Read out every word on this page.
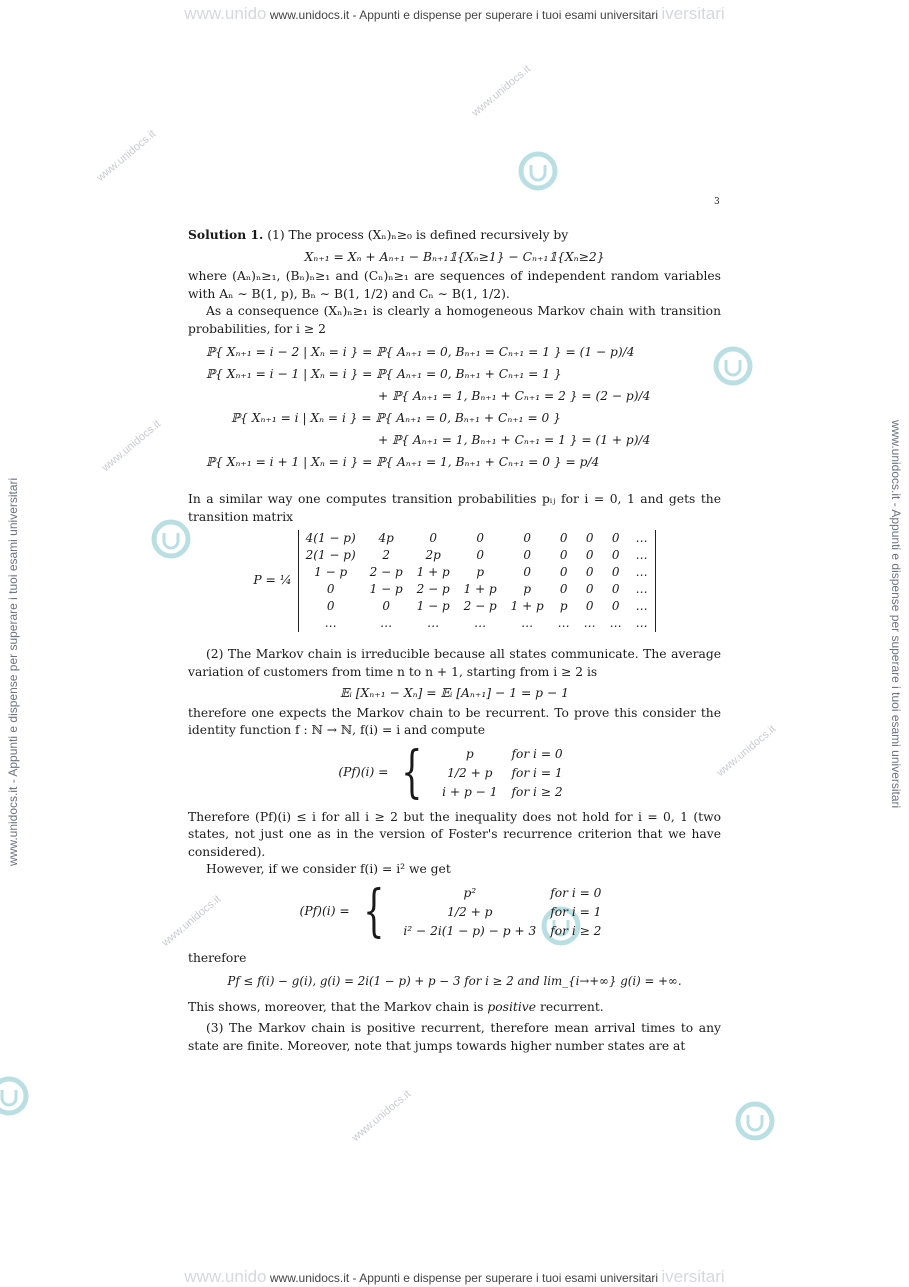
www.unido www.unidocs.it - Appunti e dispense per superare i tuoi esami universitari iversitari
www.unido www.unidocs.it - Appunti e dispense per superare i tuoi esami universitari iversitari
www.unidocs.it - Appunti e dispense per superare i tuoi esami universitari	www.unidocs.it - Appunti e dispense per superare i tuoi esami universitari
www.unidocs.it
www.unidocs.it
www.unidocs.it
www.unidocs.it
www.unidocs.it
www.unidocs.it
3

Solution 1. (1) The process (Xₙ)ₙ≥₀ is defined recursively by

Xₙ₊₁ = Xₙ + Aₙ₊₁ − Bₙ₊₁𝟙{Xₙ≥1} − Cₙ₊₁𝟙{Xₙ≥2}

where (Aₙ)ₙ≥₁, (Bₙ)ₙ≥₁ and (Cₙ)ₙ≥₁ are sequences of independent random variables with Aₙ ∼ B(1, p), Bₙ ∼ B(1, 1/2) and Cₙ ∼ B(1, 1/2).

As a consequence (Xₙ)ₙ≥₁ is clearly a homogeneous Markov chain with transition probabilities, for i ≥ 2

ℙ{ Xₙ₊₁ = i − 2 | Xₙ = i } = ℙ{ Aₙ₊₁ = 0, Bₙ₊₁ = Cₙ₊₁ = 1 } = (1 − p)/4
ℙ{ Xₙ₊₁ = i − 1 | Xₙ = i } = ℙ{ Aₙ₊₁ = 0, Bₙ₊₁ + Cₙ₊₁ = 1 }
+ ℙ{ Aₙ₊₁ = 1, Bₙ₊₁ + Cₙ₊₁ = 2 } = (2 − p)/4
ℙ{ Xₙ₊₁ = i | Xₙ = i } = ℙ{ Aₙ₊₁ = 0, Bₙ₊₁ + Cₙ₊₁ = 0 }
+ ℙ{ Aₙ₊₁ = 1, Bₙ₊₁ + Cₙ₊₁ = 1 } = (1 + p)/4
ℙ{ Xₙ₊₁ = i + 1 | Xₙ = i } = ℙ{ Aₙ₊₁ = 1, Bₙ₊₁ + Cₙ₊₁ = 0 } = p/4

In a similar way one computes transition probabilities pᵢⱼ for i = 0, 1 and gets the transition matrix

P = ¼
4(1 − p)	4p	0	0	0	0	0	0	…
2(1 − p)	2	2p	0	0	0	0	0	…
1 − p	2 − p	1 + p	p	0	0	0	0	…
0	1 − p	2 − p	1 + p	p	0	0	0	…
0	0	1 − p	2 − p	1 + p	p	0	0	…
…	…	…	…	…	…	…	…	…

(2) The Markov chain is irreducible because all states communicate. The average variation of customers from time n to n + 1, starting from i ≥ 2 is

𝔼ᵢ [Xₙ₊₁ − Xₙ] = 𝔼ᵢ [Aₙ₊₁] − 1 = p − 1

therefore one expects the Markov chain to be recurrent. To prove this consider the identity function f : ℕ → ℕ, f(i) = i and compute

(Pf)(i) = {	p	for i = 0
1/2 + p	for i = 1
i + p − 1	for i ≥ 2

Therefore (Pf)(i) ≤ i for all i ≥ 2 but the inequality does not hold for i = 0, 1 (two states, not just one as in the version of Foster's recurrence criterion that we have considered).

However, if we consider f(i) = i² we get

(Pf)(i) = {	p²	for i = 0
1/2 + p	for i = 1
i² − 2i(1 − p) − p + 3	for i ≥ 2

therefore

Pf ≤ f(i) − g(i), g(i) = 2i(1 − p) + p − 3 for i ≥ 2 and lim_{i→+∞} g(i) = +∞.

This shows, moreover, that the Markov chain is positive recurrent.

(3) The Markov chain is positive recurrent, therefore mean arrival times to any state are finite. Moreover, note that jumps towards higher number states are at
